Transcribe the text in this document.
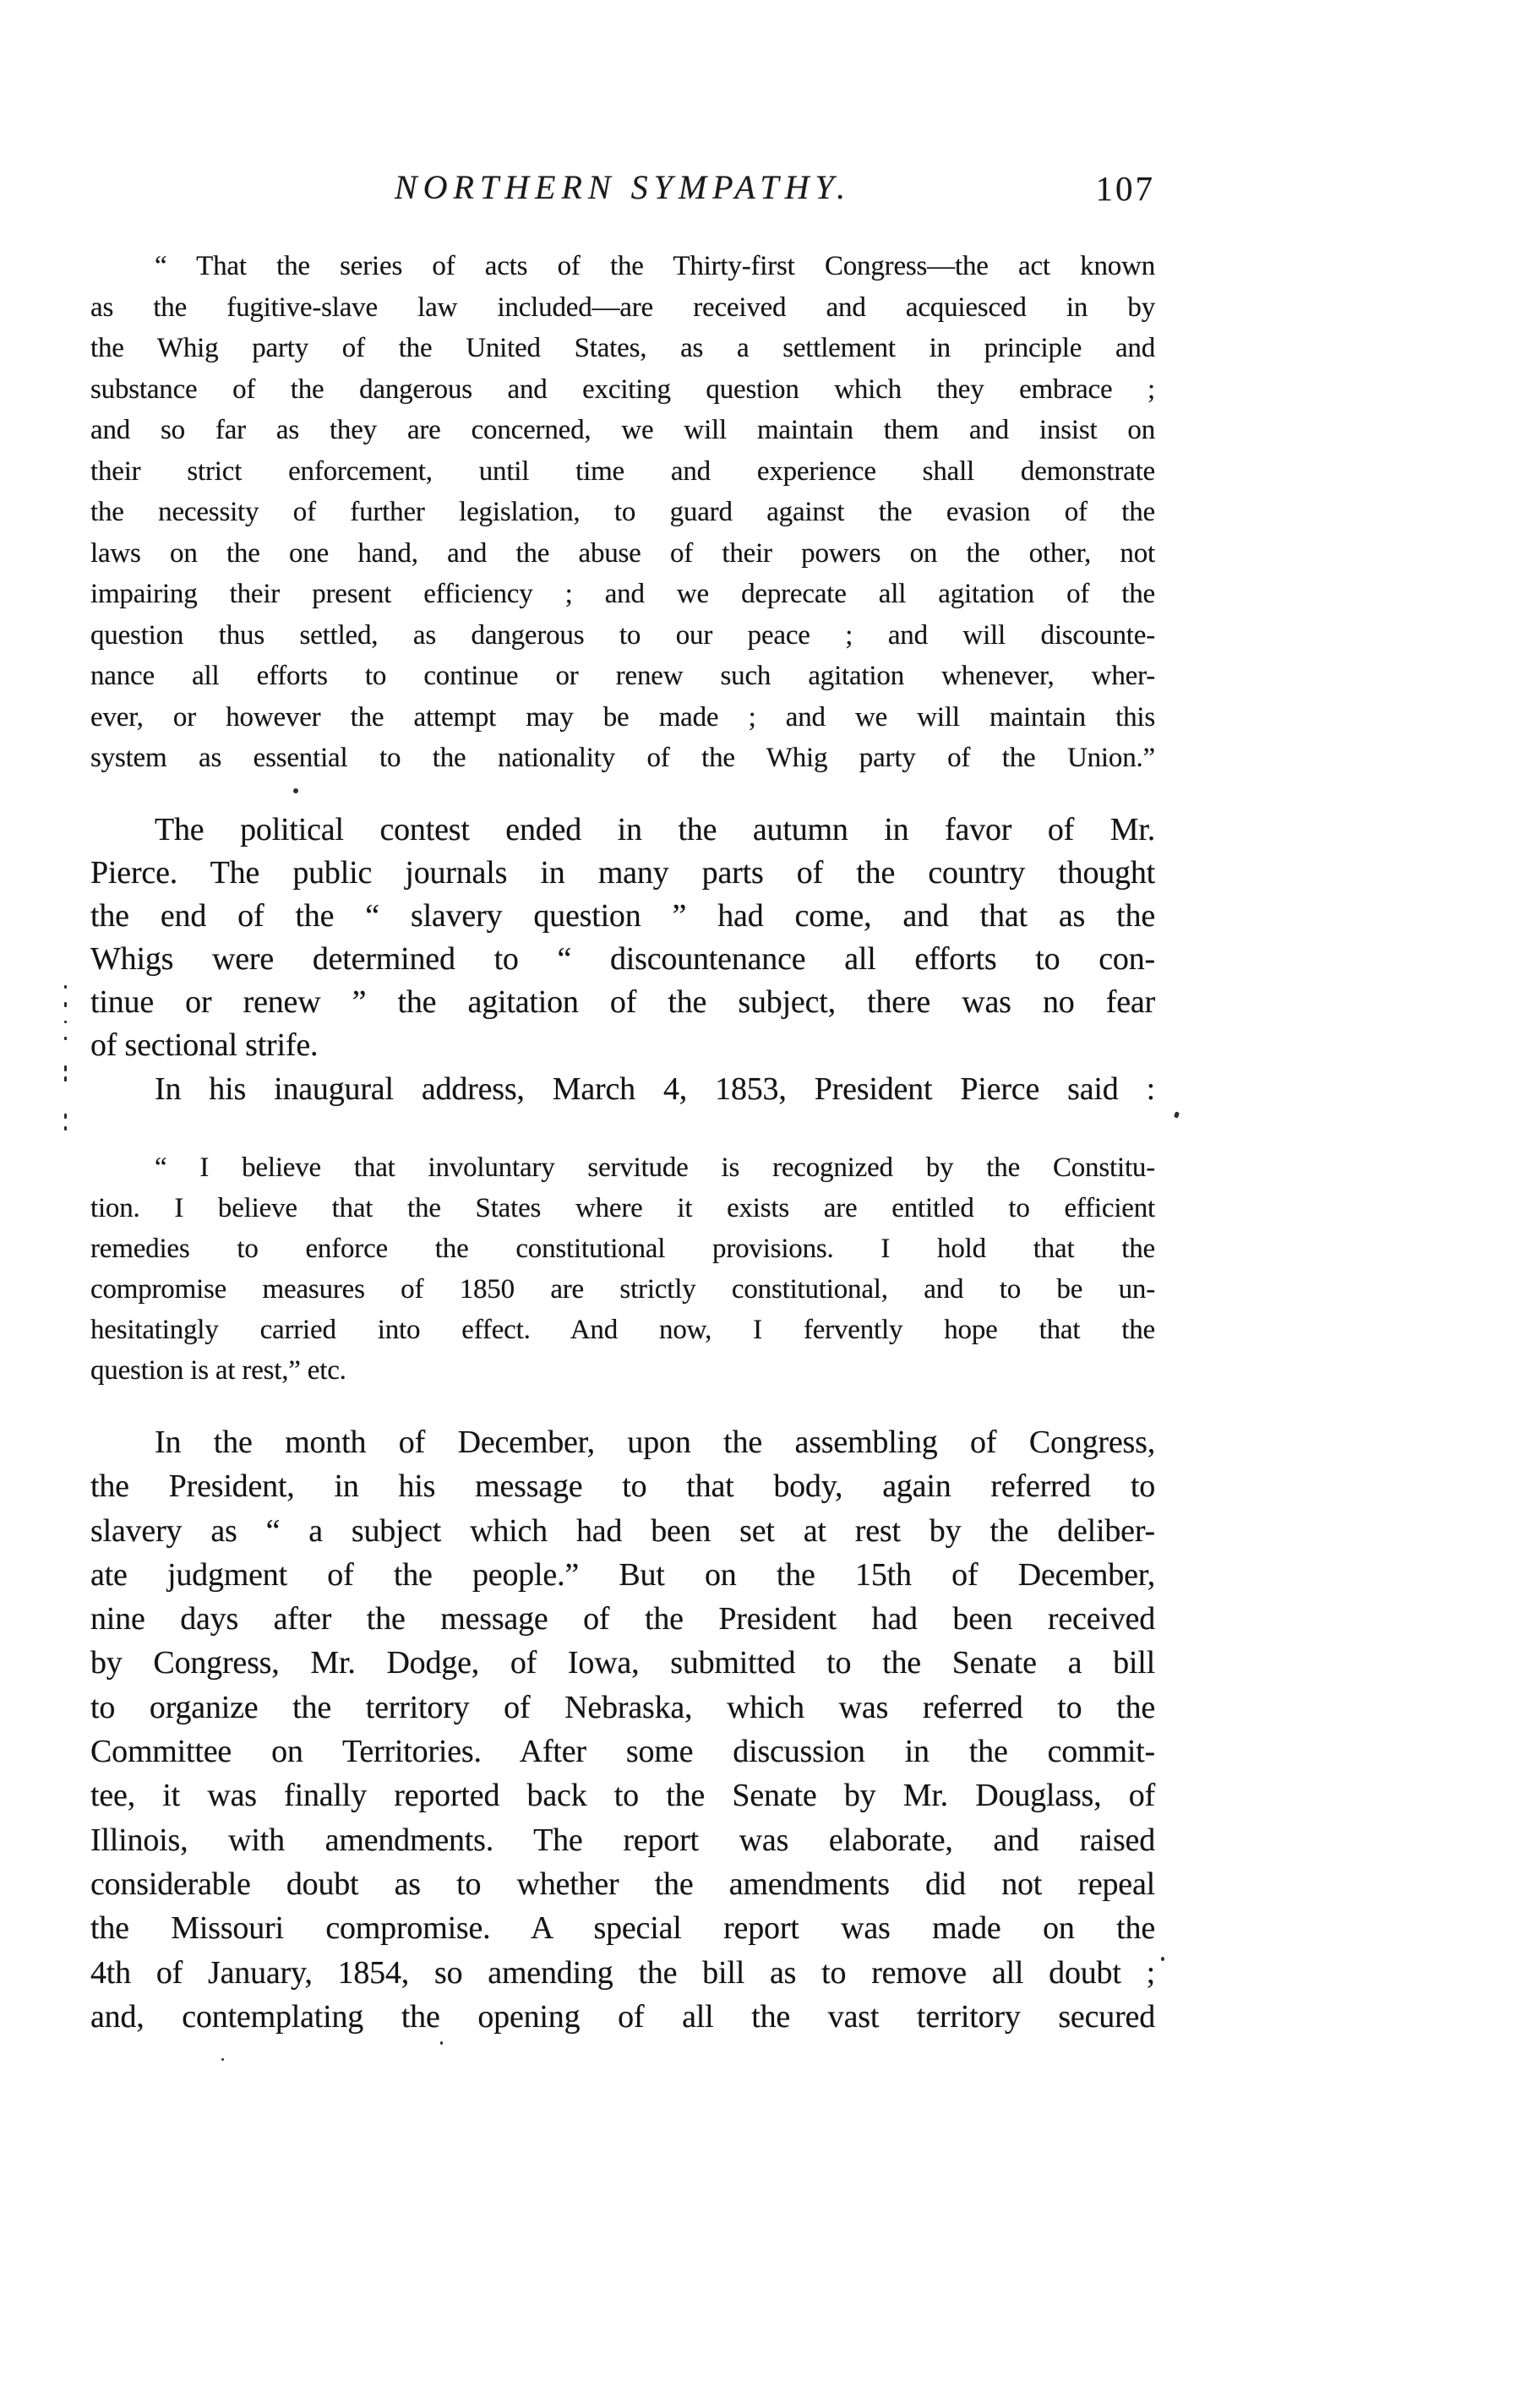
NORTHERN SYMPATHY.	107
“ That the series of acts of the Thirty-first Congress—the act known
as the fugitive-slave law included—are received and acquiesced in by
the Whig party of the United States, as a settlement in principle and
substance of the dangerous and exciting question which they embrace ;
and so far as they are concerned, we will maintain them and insist on
their strict enforcement, until time and experience shall demonstrate
the necessity of further legislation, to guard against the evasion of the
laws on the one hand, and the abuse of their powers on the other, not
impairing their present efficiency ; and we deprecate all agitation of the
question thus settled, as dangerous to our peace ; and will discounte-
nance all efforts to continue or renew such agitation whenever, wher-
ever, or however the attempt may be made ; and we will maintain this
system as essential to the nationality of the Whig party of the Union.”
The political contest ended in the autumn in favor of Mr.
Pierce. The public journals in many parts of the country thought
the end of the “ slavery question ” had come, and that as the
Whigs were determined to “ discountenance all efforts to con-
tinue or renew ” the agitation of the subject, there was no fear
of sectional strife.
In his inaugural address, March 4, 1853, President Pierce said :
“ I believe that involuntary servitude is recognized by the Constitu-
tion. I believe that the States where it exists are entitled to efficient
remedies to enforce the constitutional provisions. I hold that the
compromise measures of 1850 are strictly constitutional, and to be un-
hesitatingly carried into effect. And now, I fervently hope that the
question is at rest,” etc.
In the month of December, upon the assembling of Congress,
the President, in his message to that body, again referred to
slavery as “ a subject which had been set at rest by the deliber-
ate judgment of the people.” But on the 15th of December,
nine days after the message of the President had been received
by Congress, Mr. Dodge, of Iowa, submitted to the Senate a bill
to organize the territory of Nebraska, which was referred to the
Committee on Territories. After some discussion in the commit-
tee, it was finally reported back to the Senate by Mr. Douglass, of
Illinois, with amendments. The report was elaborate, and raised
considerable doubt as to whether the amendments did not repeal
the Missouri compromise. A special report was made on the
4th of January, 1854, so amending the bill as to remove all doubt ;
and, contemplating the opening of all the vast territory secured
